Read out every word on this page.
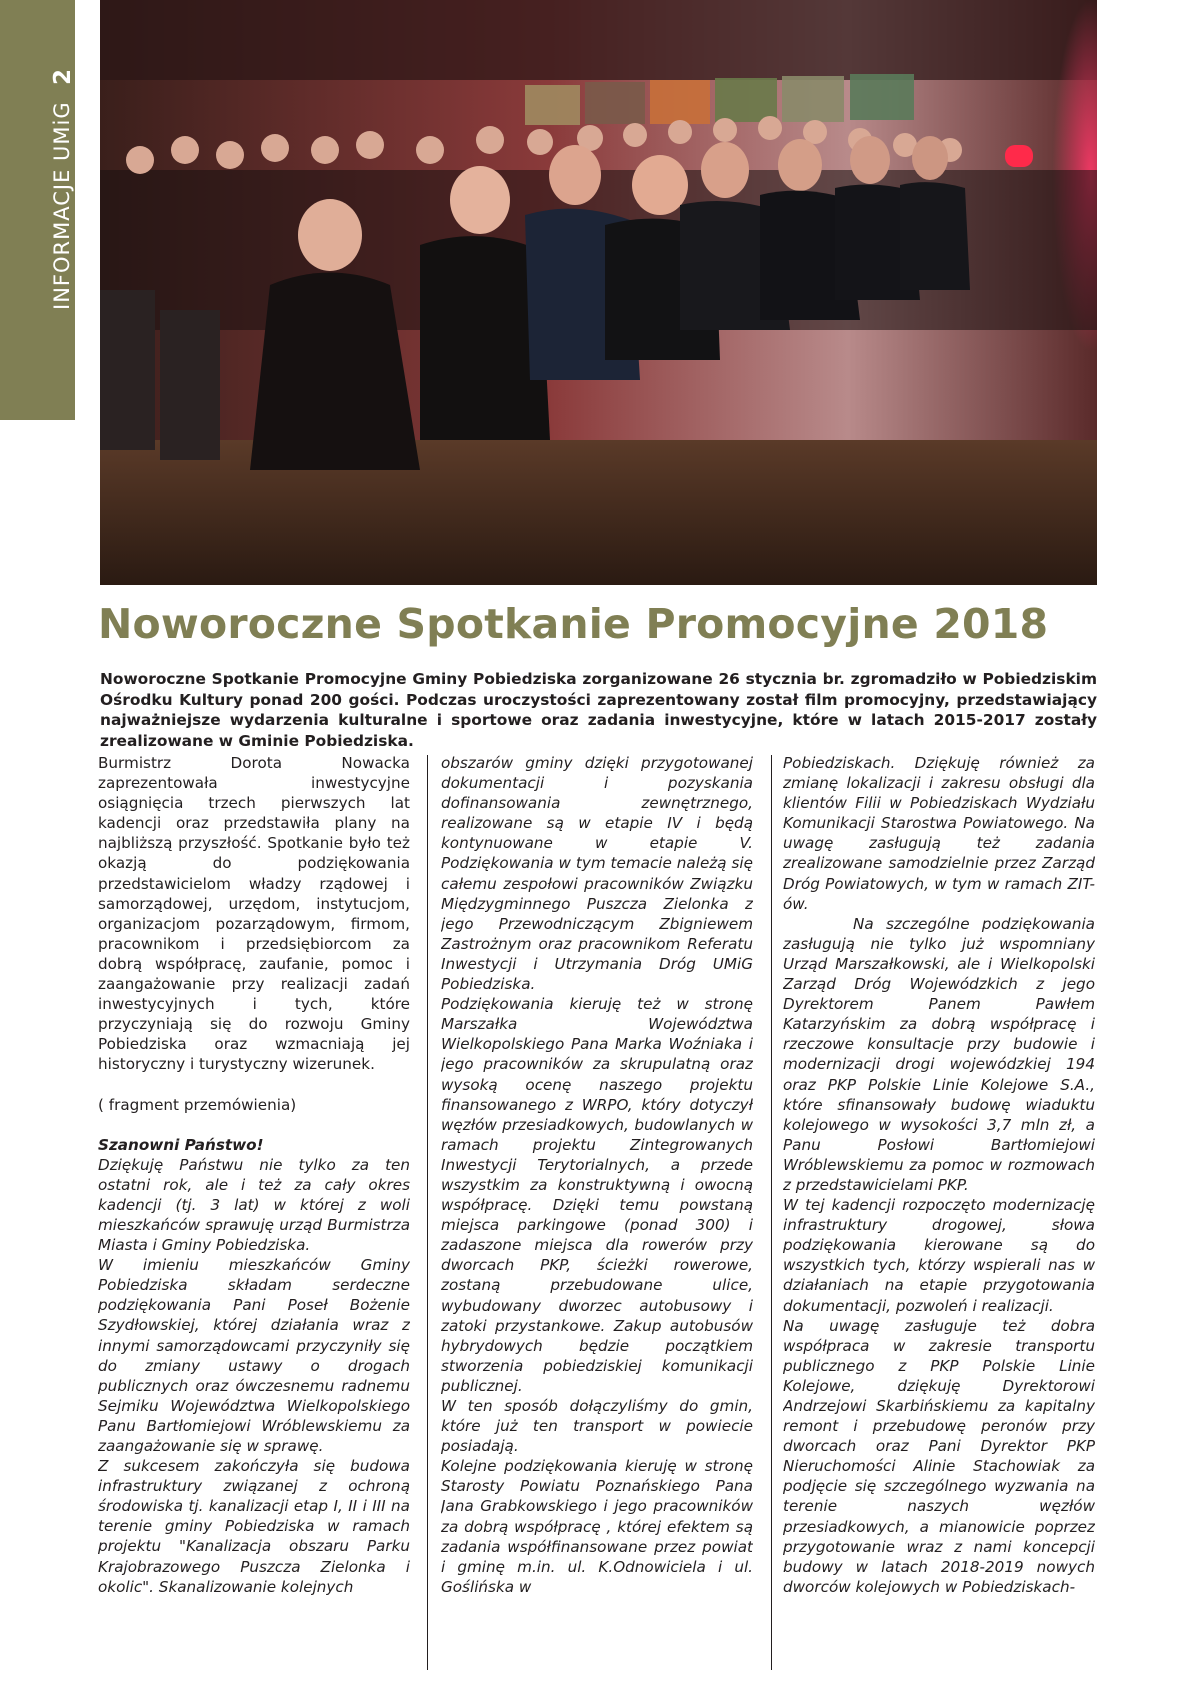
2
INFORMACJE UMiG
Noworoczne Spotkanie Promocyjne 2018
Noworoczne Spotkanie Promocyjne Gminy Pobiedziska zorganizowane 26 stycznia br. zgromadziło w Pobiedziskim Ośrodku Kultury ponad 200 gości. Podczas uroczystości zaprezentowany został film promocyjny, przedstawiający najważniejsze wydarzenia kulturalne i sportowe oraz zadania inwestycyjne, które w latach 2015-2017 zostały zrealizowane w Gminie Pobiedziska.

Burmistrz Dorota Nowacka zaprezentowała inwestycyjne osiągnięcia trzech pierwszych lat kadencji oraz przedstawiła plany na najbliższą przyszłość. Spotkanie było też okazją do podziękowania przedstawicielom władzy rządowej i samorządowej, urzędom, instytucjom, organizacjom pozarządowym, firmom, pracownikom i przedsiębiorcom za dobrą współpracę, zaufanie, pomoc i zaangażowanie przy realizacji zadań inwestycyjnych i tych, które przyczyniają się do rozwoju Gminy Pobiedziska oraz wzmacniają jej historyczny i turystyczny wizerunek.

( fragment przemówienia)

Szanowni Państwo!

Dziękuję Państwu nie tylko za ten ostatni rok, ale i też za cały okres kadencji (tj. 3 lat) w której z woli mieszkańców sprawuję urząd Burmistrza Miasta i Gminy Pobiedziska.

W imieniu mieszkańców Gminy Pobiedziska składam serdeczne podziękowania Pani Poseł Bożenie Szydłowskiej, której działania wraz z innymi samorządowcami przyczyniły się do zmiany ustawy o drogach publicznych oraz ówczesnemu radnemu Sejmiku Województwa Wielkopolskiego Panu Bartłomiejowi Wróblewskiemu za zaangażowanie się w sprawę.

Z sukcesem zakończyła się budowa infrastruktury związanej z ochroną środowiska tj. kanalizacji etap I, II i III na terenie gminy Pobiedziska w ramach projektu "Kanalizacja obszaru Parku Krajobrazowego Puszcza Zielonka i okolic". Skanalizowanie kolejnych

obszarów gminy dzięki przygotowanej dokumentacji i pozyskania dofinansowania zewnętrznego, realizowane są w etapie IV i będą kontynuowane w etapie V. Podziękowania w tym temacie należą się całemu zespołowi pracowników Związku Międzygminnego Puszcza Zielonka z jego Przewodniczącym Zbigniewem Zastrożnym oraz pracownikom Referatu Inwestycji i Utrzymania Dróg UMiG Pobiedziska.

Podziękowania kieruję też w stronę Marszałka Województwa Wielkopolskiego Pana Marka Woźniaka i jego pracowników za skrupulatną oraz wysoką ocenę naszego projektu finansowanego z WRPO, który dotyczył węzłów przesiadkowych, budowlanych w ramach projektu Zintegrowanych Inwestycji Terytorialnych, a przede wszystkim za konstruktywną i owocną współpracę. Dzięki temu powstaną miejsca parkingowe (ponad 300) i zadaszone miejsca dla rowerów przy dworcach PKP, ścieżki rowerowe, zostaną przebudowane ulice, wybudowany dworzec autobusowy i zatoki przystankowe. Zakup autobusów hybrydowych będzie początkiem stworzenia pobiedziskiej komunikacji publicznej.

W ten sposób dołączyliśmy do gmin, które już ten transport w powiecie posiadają.

Kolejne podziękowania kieruję w stronę Starosty Powiatu Poznańskiego Pana Jana Grabkowskiego i jego pracowników za dobrą współpracę , której efektem są zadania współfinansowane przez powiat i gminę m.in. ul. K.Odnowiciela i ul. Goślińska w

Pobiedziskach. Dziękuję również za zmianę lokalizacji i zakresu obsługi dla klientów Filii w Pobiedziskach Wydziału Komunikacji Starostwa Powiatowego. Na uwagę zasługują też zadania zrealizowane samodzielnie przez Zarząd Dróg Powiatowych, w tym w ramach ZIT-ów.

Na szczególne podziękowania zasługują nie tylko już wspomniany Urząd Marszałkowski, ale i Wielkopolski Zarząd Dróg Wojewódzkich z jego Dyrektorem Panem Pawłem Katarzyńskim za dobrą współpracę i rzeczowe konsultacje przy budowie i modernizacji drogi wojewódzkiej 194 oraz PKP Polskie Linie Kolejowe S.A., które sfinansowały budowę wiaduktu kolejowego w wysokości 3,7 mln zł, a Panu Posłowi Bartłomiejowi Wróblewskiemu za pomoc w rozmowach z przedstawicielami PKP.

W tej kadencji rozpoczęto modernizację infrastruktury drogowej, słowa podziękowania kierowane są do wszystkich tych, którzy wspierali nas w działaniach na etapie przygotowania dokumentacji, pozwoleń i realizacji.

Na uwagę zasługuje też dobra współpraca w zakresie transportu publicznego z PKP Polskie Linie Kolejowe, dziękuję Dyrektorowi Andrzejowi Skarbińskiemu za kapitalny remont i przebudowę peronów przy dworcach oraz Pani Dyrektor PKP Nieruchomości Alinie Stachowiak za podjęcie się szczególnego wyzwania na terenie naszych węzłów przesiadkowych, a mianowicie poprzez przygotowanie wraz z nami koncepcji budowy w latach 2018-2019 nowych dworców kolejowych w Pobiedziskach-
